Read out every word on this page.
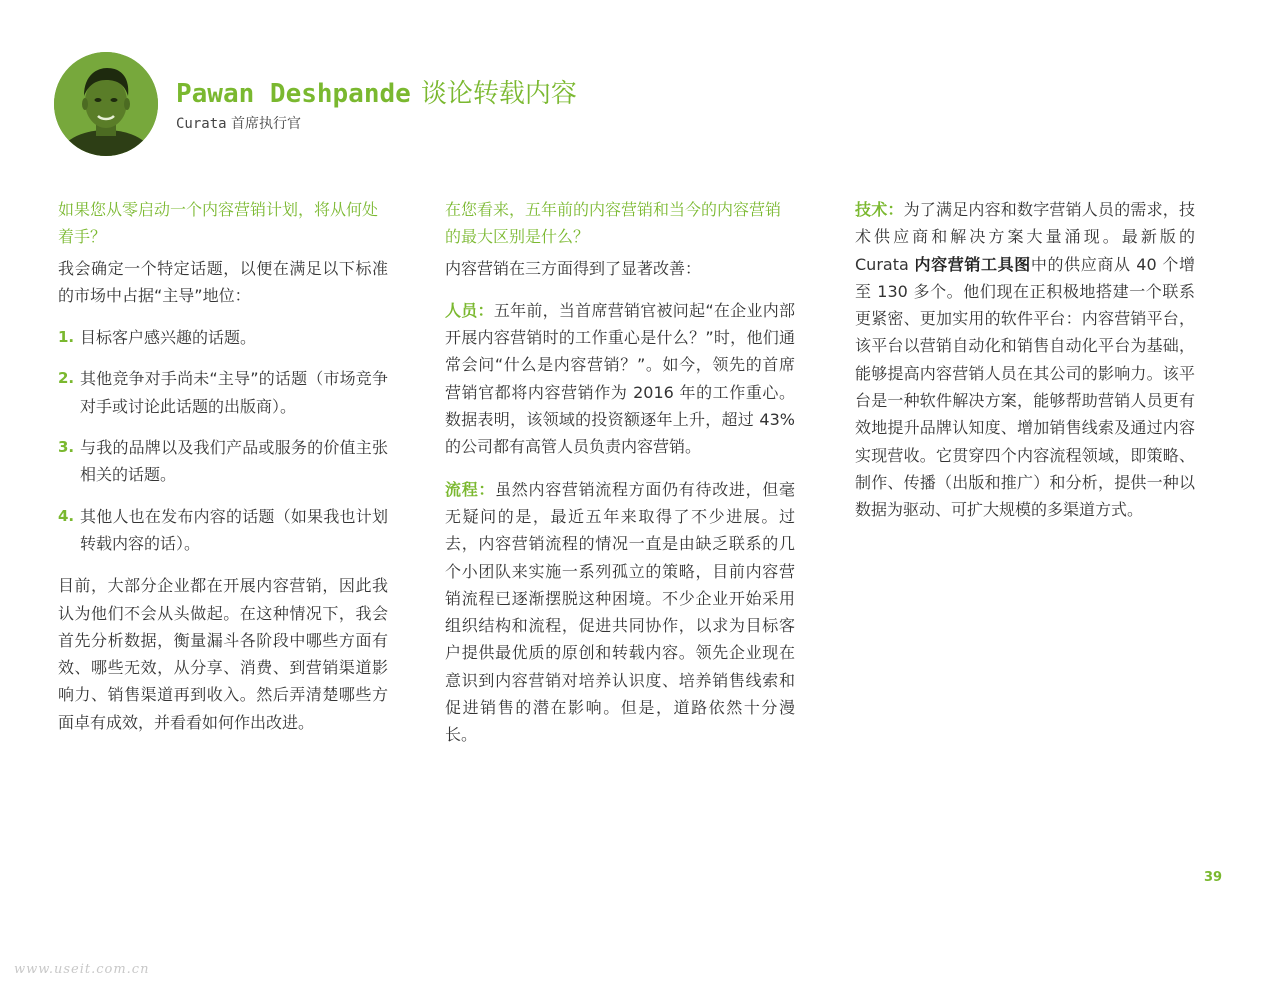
Pawan Deshpande 谈论转载内容
Curata 首席执行官
如果您从零启动一个内容营销计划，将从何处着手？
我会确定一个特定话题，以便在满足以下标准的市场中占据“主导”地位：
1. 目标客户感兴趣的话题。
2. 其他竞争对手尚未“主导”的话题（市场竞争对手或讨论此话题的出版商）。
3. 与我的品牌以及我们产品或服务的价值主张相关的话题。
4. 其他人也在发布内容的话题（如果我也计划转载内容的话）。
目前，大部分企业都在开展内容营销，因此我认为他们不会从头做起。在这种情况下，我会首先分析数据，衡量漏斗各阶段中哪些方面有效、哪些无效，从分享、消费、到营销渠道影响力、销售渠道再到收入。然后弄清楚哪些方面卓有成效，并看看如何作出改进。
在您看来，五年前的内容营销和当今的内容营销的最大区别是什么？
内容营销在三方面得到了显著改善：
人员：五年前，当首席营销官被问起“在企业内部开展内容营销时的工作重心是什么？”时，他们通常会问“什么是内容营销？”。如今，领先的首席营销官都将内容营销作为 2016 年的工作重心。数据表明，该领域的投资额逐年上升，超过 43% 的公司都有高管人员负责内容营销。
流程：虽然内容营销流程方面仍有待改进，但毫无疑问的是，最近五年来取得了不少进展。过去，内容营销流程的情况一直是由缺乏联系的几个小团队来实施一系列孤立的策略，目前内容营销流程已逐渐摆脱这种困境。不少企业开始采用组织结构和流程，促进共同协作，以求为目标客户提供最优质的原创和转载内容。领先企业现在意识到内容营销对培养认识度、培养销售线索和促进销售的潜在影响。但是，道路依然十分漫长。
技术：为了满足内容和数字营销人员的需求，技术供应商和解决方案大量涌现。最新版的 Curata 内容营销工具图中的供应商从 40 个增至 130 多个。他们现在正积极地搭建一个联系更紧密、更加实用的软件平台：内容营销平台，该平台以营销自动化和销售自动化平台为基础，能够提高内容营销人员在其公司的影响力。该平台是一种软件解决方案，能够帮助营销人员更有效地提升品牌认知度、增加销售线索及通过内容实现营收。它贯穿四个内容流程领域，即策略、制作、传播（出版和推广）和分析，提供一种以数据为驱动、可扩大规模的多渠道方式。
39
www.useit.com.cn
